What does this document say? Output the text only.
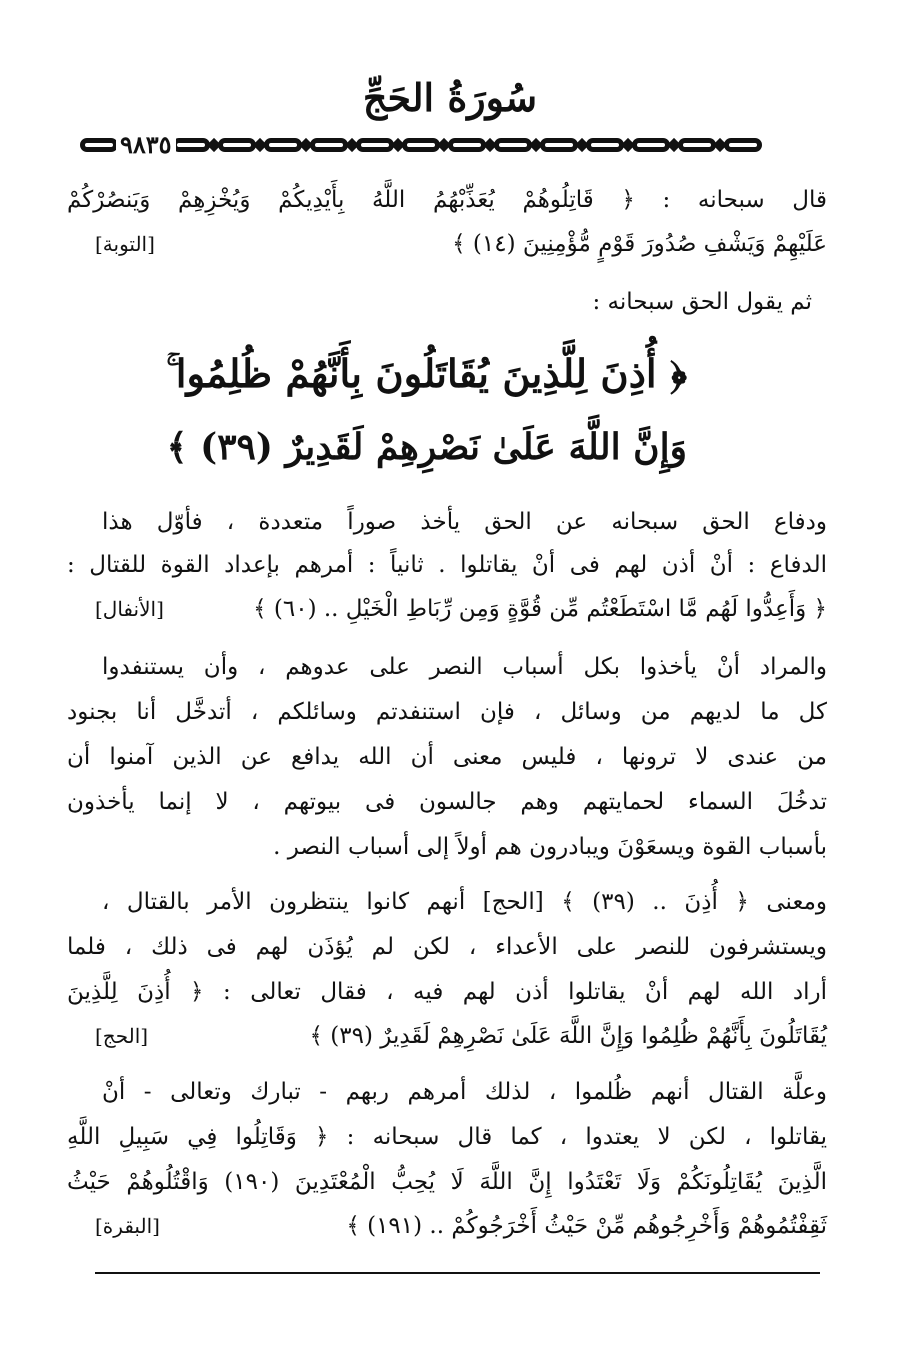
سُورَةُ الحَجِّ
٩٨٣٥
قال سبحانه : ﴿ قَاتِلُوهُمْ يُعَذِّبْهُمُ اللَّهُ بِأَيْدِيكُمْ وَيُخْزِهِمْ وَيَنصُرْكُمْ
عَلَيْهِمْ وَيَشْفِ صُدُورَ قَوْمٍ مُّؤْمِنِينَ (١٤) ﴾
[التوبة]
ثم يقول الحق سبحانه :
﴿ أُذِنَ لِلَّذِينَ يُقَاتَلُونَ بِأَنَّهُمْ ظُلِمُوا ۚ
وَإِنَّ اللَّهَ عَلَىٰ نَصْرِهِمْ لَقَدِيرٌ (٣٩) ﴾
ودفاع الحق سبحانه عن الحق يأخذ صوراً متعددة ، فأوّل هذا
الدفاع : أنْ أذن لهم فى أنْ يقاتلوا . ثانياً : أمرهم بإعداد القوة للقتال :
﴿ وَأَعِدُّوا لَهُم مَّا اسْتَطَعْتُم مِّن قُوَّةٍ وَمِن رِّبَاطِ الْخَيْلِ .. (٦٠) ﴾
[الأنفال]
والمراد أنْ يأخذوا بكل أسباب النصر على عدوهم ، وأن يستنفدوا
كل ما لديهم من وسائل ، فإن استنفدتم وسائلكم ، أتدخَّل أنا بجنود
من عندى لا ترونها ، فليس معنى أن الله يدافع عن الذين آمنوا أن
تدخُلَ السماء لحمايتهم وهم جالسون فى بيوتهم ، لا إنما يأخذون
بأسباب القوة ويسعَوْنَ ويبادرون هم أولاً إلى أسباب النصر .
ومعنى ﴿ أُذِنَ .. (٣٩) ﴾ [الحج] أنهم كانوا ينتظرون الأمر بالقتال ،
ويستشرفون للنصر على الأعداء ، لكن لم يُؤذَن لهم فى ذلك ، فلما
أراد الله لهم أنْ يقاتلوا أذن لهم فيه ، فقال تعالى : ﴿ أُذِنَ لِلَّذِينَ
يُقَاتَلُونَ بِأَنَّهُمْ ظُلِمُوا وَإِنَّ اللَّهَ عَلَىٰ نَصْرِهِمْ لَقَدِيرٌ (٣٩) ﴾
[الحج]
وعلَّة القتال أنهم ظُلموا ، لذلك أمرهم ربهم - تبارك وتعالى - أنْ
يقاتلوا ، لكن لا يعتدوا ، كما قال سبحانه : ﴿ وَقَاتِلُوا فِي سَبِيلِ اللَّهِ
الَّذِينَ يُقَاتِلُونَكُمْ وَلَا تَعْتَدُوا إِنَّ اللَّهَ لَا يُحِبُّ الْمُعْتَدِينَ (١٩٠) وَاقْتُلُوهُمْ حَيْثُ
ثَقِفْتُمُوهُمْ وَأَخْرِجُوهُم مِّنْ حَيْثُ أَخْرَجُوكُمْ .. (١٩١) ﴾
[البقرة]
